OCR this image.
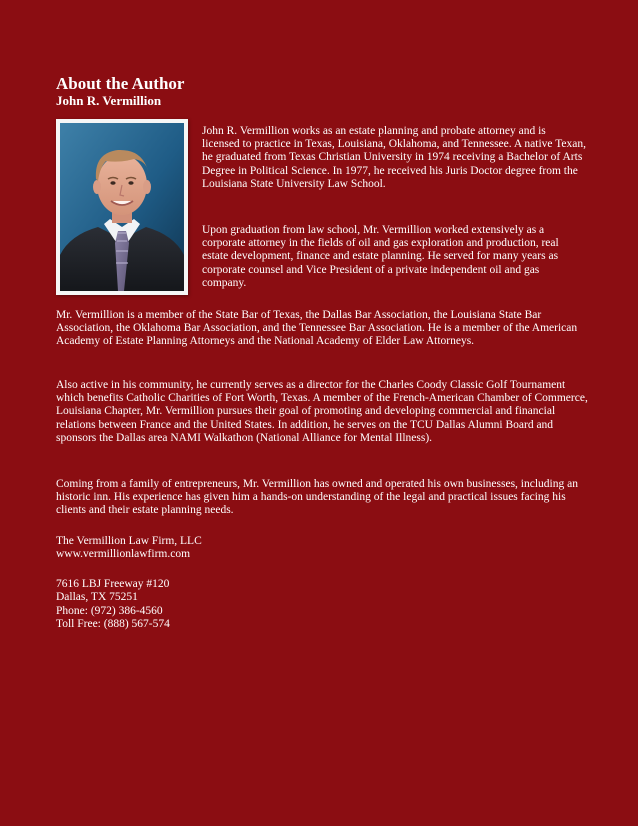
About the Author
John R. Vermillion

John R. Vermillion works as an estate planning and probate attorney and is licensed to practice in Texas, Louisiana, Oklahoma, and Tennessee. A native Texan, he graduated from Texas Christian University in 1974 receiving a Bachelor of Arts Degree in Political Science. In 1977, he received his Juris Doctor degree from the Louisiana State University Law School.

Upon graduation from law school, Mr. Vermillion worked extensively as a corporate attorney in the fields of oil and gas exploration and production, real estate development, finance and estate planning. He served for many years as corporate counsel and Vice President of a private independent oil and gas company.

Mr. Vermillion is a member of the State Bar of Texas, the Dallas Bar Association, the Louisiana State Bar Association, the Oklahoma Bar Association, and the Tennessee Bar Association. He is a member of the American Academy of Estate Planning Attorneys and the National Academy of Elder Law Attorneys.

Also active in his community, he currently serves as a director for the Charles Coody Classic Golf Tournament which benefits Catholic Charities of Fort Worth, Texas. A member of the French-American Chamber of Commerce, Louisiana Chapter, Mr. Vermillion pursues their goal of promoting and developing commercial and financial relations between France and the United States. In addition, he serves on the TCU Dallas Alumni Board and sponsors the Dallas area NAMI Walkathon (National Alliance for Mental Illness).

Coming from a family of entrepreneurs, Mr. Vermillion has owned and operated his own businesses, including an historic inn. His experience has given him a hands-on understanding of the legal and practical issues facing his clients and their estate planning needs.

The Vermillion Law Firm, LLC

www.vermillionlawfirm.com

7616 LBJ Freeway #120

Dallas, TX 75251

Phone: (972) 386-4560

Toll Free: (888) 567-574
